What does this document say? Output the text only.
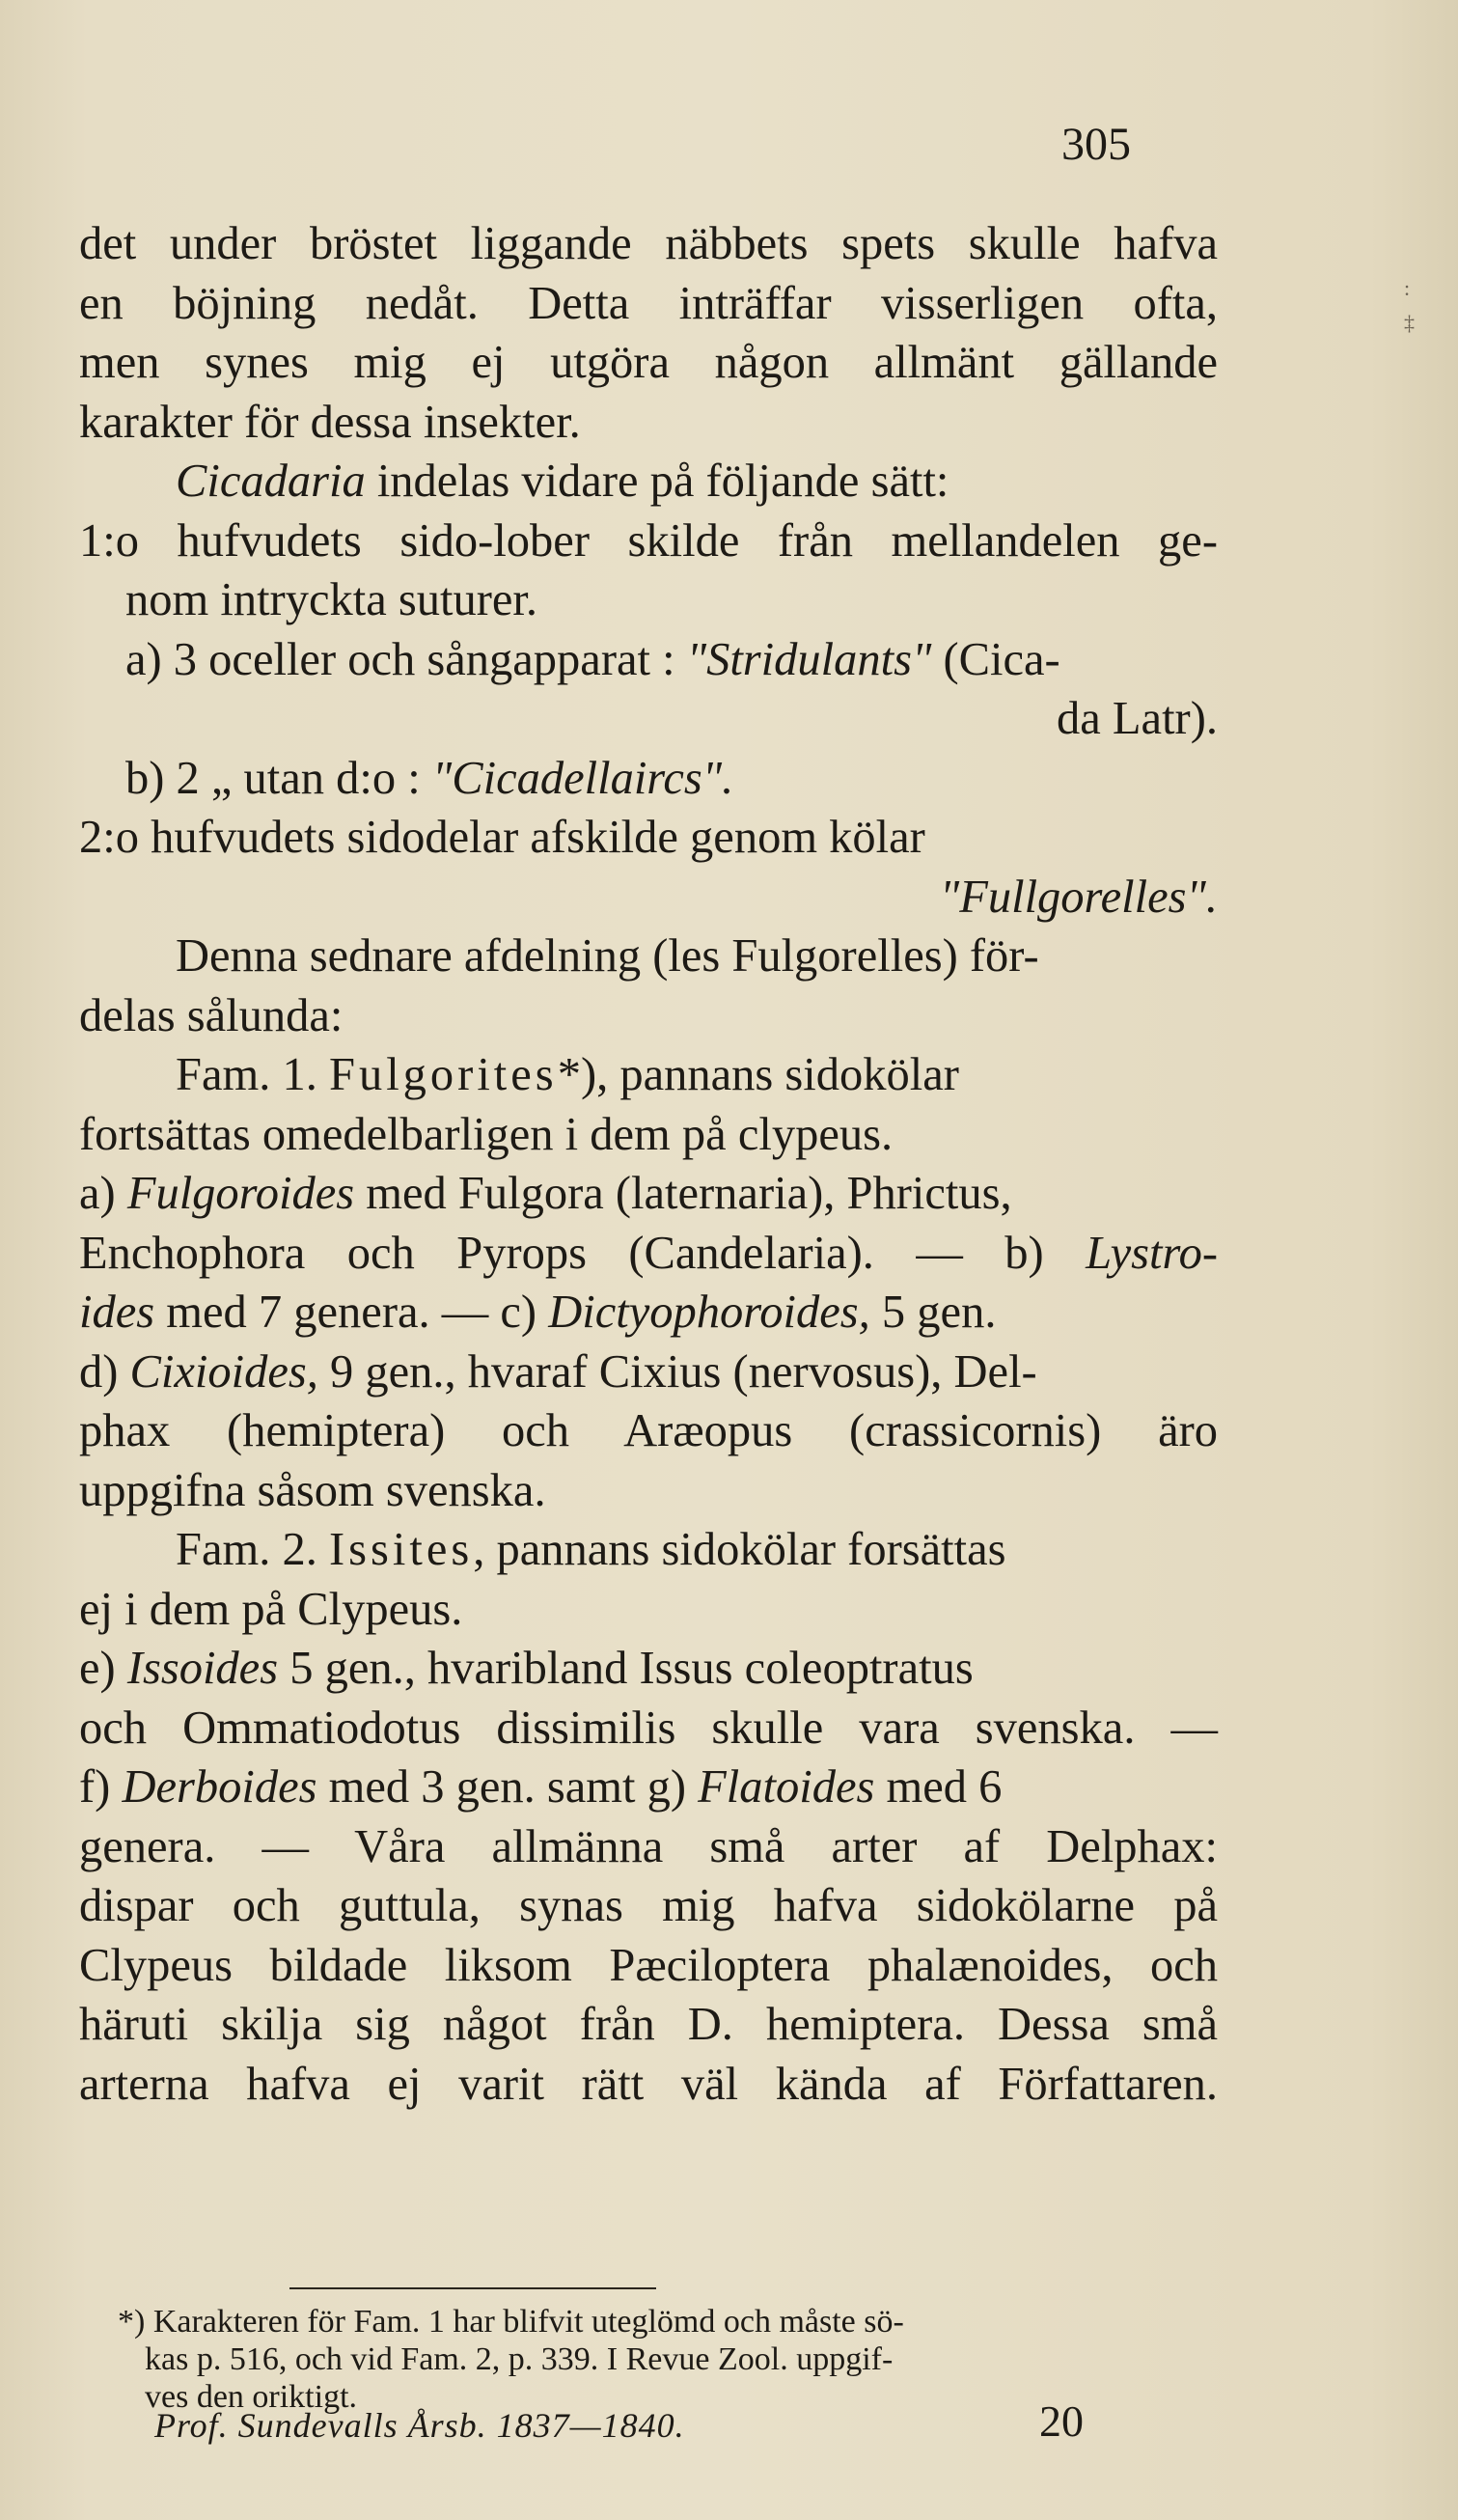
305
:
‡
det under bröstet liggande näbbets spets skulle hafva
en böjning nedåt. Detta inträffar visserligen ofta,
men synes mig ej utgöra någon allmänt gällande
karakter för dessa insekter.
Cicadaria indelas vidare på följande sätt:
1:o hufvudets sido-lober skilde från mellandelen ge-
nom intryckta suturer.
a) 3 oceller och sångapparat : "Stridulants" (Cica-
da Latr).
b) 2 „ utan d:o : "Cicadellaircs".
2:o hufvudets sidodelar afskilde genom kölar
"Fullgorelles".
Denna sednare afdelning (les Fulgorelles) för-
delas sålunda:
Fam. 1. Fulgorites*), pannans sidokölar
fortsättas omedelbarligen i dem på clypeus.
a) Fulgoroides med Fulgora (laternaria), Phrictus,
Enchophora och Pyrops (Candelaria). — b) Lystro-
ides med 7 genera. — c) Dictyophoroides, 5 gen.
d) Cixioides, 9 gen., hvaraf Cixius (nervosus), Del-
phax (hemiptera) och Aræopus (crassicornis) äro
uppgifna såsom svenska.
Fam. 2. Issites, pannans sidokölar forsättas
ej i dem på Clypeus.
e) Issoides 5 gen., hvaribland Issus coleoptratus
och Ommatiodotus dissimilis skulle vara svenska. —
f) Derboides med 3 gen. samt g) Flatoides med 6
genera. — Våra allmänna små arter af Delphax:
dispar och guttula, synas mig hafva sidokölarne på
Clypeus bildade liksom Pæciloptera phalænoides, och
häruti skilja sig något från D. hemiptera. Dessa små
arterna hafva ej varit rätt väl kända af Författaren.
*) Karakteren för Fam. 1 har blifvit uteglömd och måste sö-
kas p. 516, och vid Fam. 2, p. 339. I Revue Zool. uppgif-
ves den oriktigt.
Prof. Sundevalls Årsb. 1837—1840.	20
